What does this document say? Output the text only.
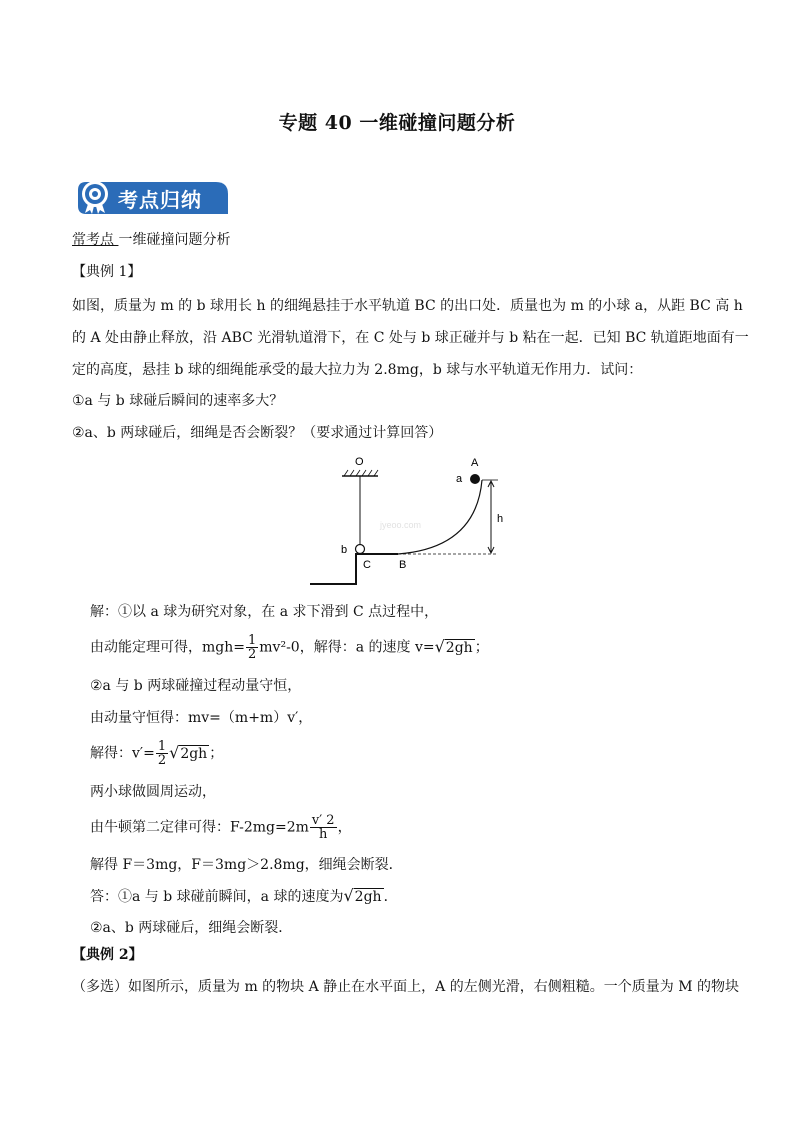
专题 40 一维碰撞问题分析
考点归纳
常考点 一维碰撞问题分析
【典例 1】
如图，质量为 m 的 b 球用长 h 的细绳悬挂于水平轨道 BC 的出口处．质量也为 m 的小球 a，从距 BC 高 h
的 A 处由静止释放，沿 ABC 光滑轨道滑下，在 C 处与 b 球正碰并与 b 粘在一起．已知 BC 轨道距地面有一
定的高度，悬挂 b 球的细绳能承受的最大拉力为 2.8mg，b 球与水平轨道无作用力．试问：
①a 与 b 球碰后瞬间的速率多大？
②a、b 两球碰后，细绳是否会断裂？（要求通过计算回答）
O	A
a
h
b
C	B
jyeoo.com
解：①以 a 球为研究对象，在 a 求下滑到 C 点过程中，
由动能定理可得，$mgh= \frac{1}{2} mv^2-0$，解得：a 的速度 v=√2gh ；
②a 与 b 两球碰撞过程动量守恒，
由动量守恒得：mv=（m+m）v′，
解得：$v'= \frac{1}{2} √2gh$ ；
两小球做圆周运动，
由牛顿第二定律可得：$F-2mg=2m \frac{v' 2}{h}$ ，
解得 F＝3mg，F＝3mg＞2.8mg，细绳会断裂．
答：①a 与 b 球碰前瞬间，a 球的速度为√2gh ．
②a、b 两球碰后，细绳会断裂．
【典例 2】
（多选）如图所示，质量为 m 的物块 A 静止在水平面上，A 的左侧光滑，右侧粗糙。一个质量为 M 的物块
